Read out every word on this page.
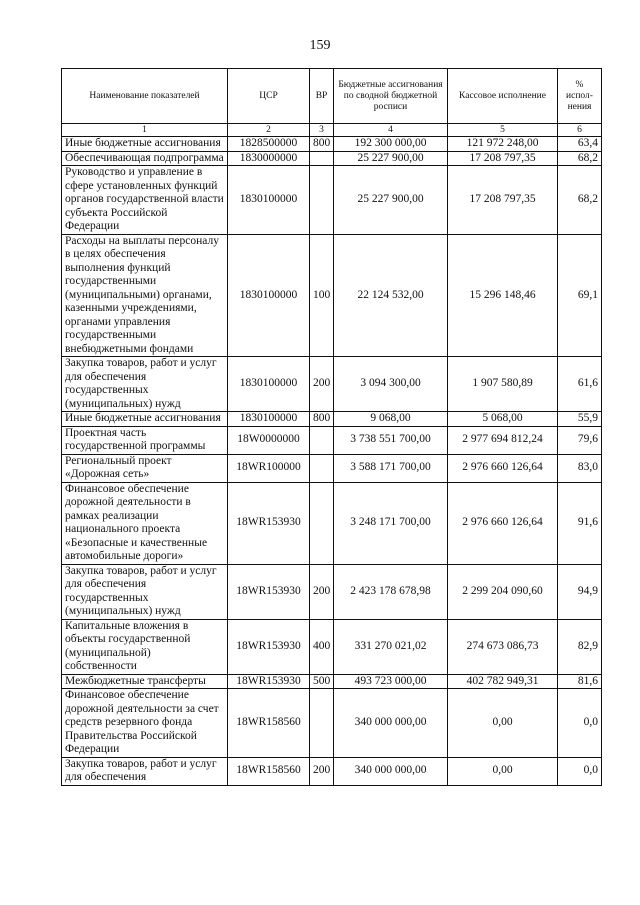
159
Наименование показателей	ЦСР	ВР	Бюджетные ассигнования по сводной бюджетной росписи	Кассовое исполнение	% испол-нения
1	2	3	4	5	6
Иные бюджетные ассигнования	1828500000	800	192 300 000,00	121 972 248,00	63,4
Обеспечивающая подпрограмма	1830000000		25 227 900,00	17 208 797,35	68,2
Руководство и управление в сфере установленных функций органов государственной власти субъекта Российской Федерации	1830100000		25 227 900,00	17 208 797,35	68,2
Расходы на выплаты персоналу в целях обеспечения выполнения функций государственными (муниципальными) органами, казенными учреждениями, органами управления государственными внебюджетными фондами	1830100000	100	22 124 532,00	15 296 148,46	69,1
Закупка товаров, работ и услуг для обеспечения государственных (муниципальных) нужд	1830100000	200	3 094 300,00	1 907 580,89	61,6
Иные бюджетные ассигнования	1830100000	800	9 068,00	5 068,00	55,9
Проектная часть государственной программы	18W0000000		3 738 551 700,00	2 977 694 812,24	79,6
Региональный проект «Дорожная сеть»	18WR100000		3 588 171 700,00	2 976 660 126,64	83,0
Финансовое обеспечение дорожной деятельности в рамках реализации национального проекта «Безопасные и качественные автомобильные дороги»	18WR153930		3 248 171 700,00	2 976 660 126,64	91,6
Закупка товаров, работ и услуг для обеспечения государственных (муниципальных) нужд	18WR153930	200	2 423 178 678,98	2 299 204 090,60	94,9
Капитальные вложения в объекты государственной (муниципальной) собственности	18WR153930	400	331 270 021,02	274 673 086,73	82,9
Межбюджетные трансферты	18WR153930	500	493 723 000,00	402 782 949,31	81,6
Финансовое обеспечение дорожной деятельности за счет средств резервного фонда Правительства Российской Федерации	18WR158560		340 000 000,00	0,00	0,0
Закупка товаров, работ и услуг для обеспечения	18WR158560	200	340 000 000,00	0,00	0,0
